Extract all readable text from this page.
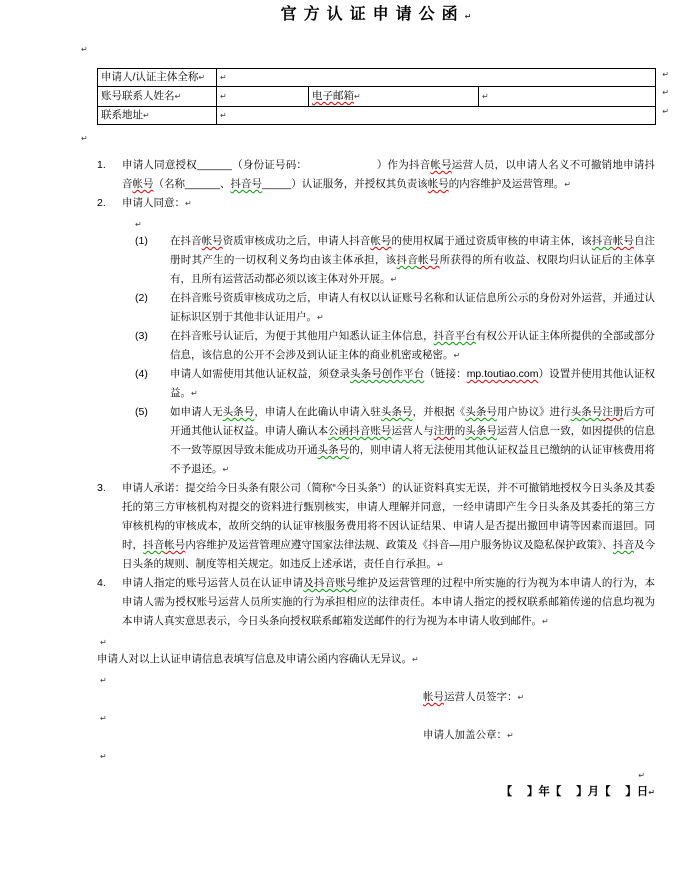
官方认证申请公函↵
↵
申请人/认证主体全称↵	↵		
账号联系人姓名↵	↵	电子邮箱↵	↵
联系地址↵	↵		
↵
↵
↵
↵
1.	申请人同意授权______（身份证号码：　　　　　　　）作为抖音帐号运营人员，以申请人名义不可撤销地申请抖音帐号（名称______、抖音号_____）认证服务，并授权其负责该帐号的内容维护及运营管理。↵
2.	申请人同意：↵
↵
(1)	在抖音帐号资质审核成功之后，申请人抖音帐号的使用权属于通过资质审核的申请主体，该抖音帐号自注册时其产生的一切权利义务均由该主体承担，该抖音帐号所获得的所有收益、权限均归认证后的主体享有，且所有运营活动都必须以该主体对外开展。↵
(2)	在抖音账号资质审核成功之后，申请人有权以认证账号名称和认证信息所公示的身份对外运营，并通过认证标识区别于其他非认证用户。↵
(3)	在抖音账号认证后，为便于其他用户知悉认证主体信息，抖音平台有权公开认证主体所提供的全部或部分信息，该信息的公开不会涉及到认证主体的商业机密或秘密。↵
(4)	申请人如需使用其他认证权益，须登录头条号创作平台（链接：mp.toutiao.com）设置并使用其他认证权益。↵
(5)	如申请人无头条号，申请人在此确认申请入驻头条号，并根据《头条号用户协议》进行头条号注册后方可开通其他认证权益。申请人确认本公函抖音账号运营人与注册的头条号运营人信息一致，如因提供的信息不一致等原因导致未能成功开通头条号的，则申请人将无法使用其他认证权益且已缴纳的认证审核费用将不予退还。↵
3.	申请人承诺：提交给今日头条有限公司（简称“今日头条”）的认证资料真实无误，并不可撤销地授权今日头条及其委托的第三方审核机构对提交的资料进行甄别核实，申请人理解并同意，一经申请即产生今日头条及其委托的第三方审核机构的审核成本，故所交纳的认证审核服务费用将不因认证结果、申请人是否提出撤回申请等因素而退回。同时，抖音帐号内容维护及运营管理应遵守国家法律法规、政策及《抖音—用户服务协议及隐私保护政策》、抖音及今日头条的规则、制度等相关规定。如违反上述承诺，责任自行承担。↵
4.	申请人指定的账号运营人员在认证申请及抖音账号维护及运营管理的过程中所实施的行为视为本申请人的行为，本申请人需为授权账号运营人员所实施的行为承担相应的法律责任。本申请人指定的授权联系邮箱传递的信息均视为本申请人真实意思表示，今日头条向授权联系邮箱发送邮件的行为视为本申请人收到邮件。↵
↵
申请人对以上认证申请信息表填写信息及申请公函内容确认无异议。↵
↵
帐号运营人员签字：↵
↵
申请人加盖公章：↵
↵
↵
【　 】年【　 】月【　 】日↵
